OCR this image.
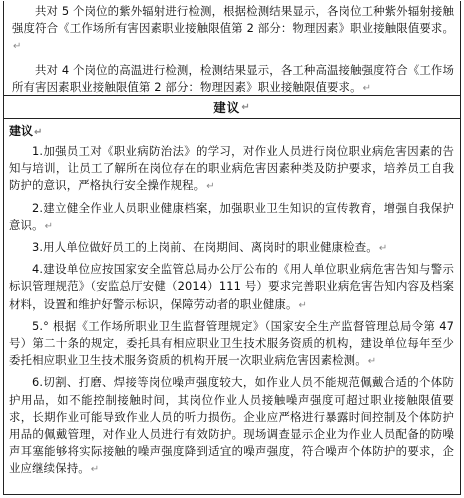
共对 5 个岗位的紫外辐射进行检测，根据检测结果显示，各岗位工种紫外辐射接触强度符合《工作场所有害因素职业接触限值第 2 部分：物理因素》职业接触限值要求。↵

共对 4 个岗位的高温进行检测，检测结果显示，各工种高温接触强度符合《工作场所有害因素职业接触限值第 2 部分：物理因素》职业接触限值要求。↵

建议 ↵

建议↵

1.加强员工对《职业病防治法》的学习，对作业人员进行岗位职业病危害因素的告知与培训，让员工了解所在岗位存在的职业病危害因素种类及防护要求，培养员工自我防护的意识，严格执行安全操作规程。↵

2.建立健全作业人员职业健康档案，加强职业卫生知识的宣传教育，增强自我保护意识。↵

3.用人单位做好员工的上岗前、在岗期间、离岗时的职业健康检查。↵

4.建设单位应按国家安全监管总局办公厅公布的《用人单位职业病危害告知与警示标识管理规范》（安监总厅安健（2014）111 号）要求完善职业病危害告知内容及档案材料，设置和维护好警示标识，保障劳动者的职业健康。↵

5.° 根据《工作场所职业卫生监督管理规定》（国家安全生产监督管理总局令第 47 号）第二十条的规定，委托具有相应职业卫生技术服务资质的机构，建设单位每年至少委托相应职业卫生技术服务资质的机构开展一次职业病危害因素检测。↵

6.切割、打磨、焊接等岗位噪声强度较大，如作业人员不能规范佩戴合适的个体防护用品，如不能控制接触时间，其岗位作业人员接触噪声强度可超过职业接触限值要求，长期作业可能导致作业人员的听力损伤。企业应严格进行暴露时间控制及个体防护用品的佩戴管理，对作业人员进行有效防护。现场调查显示企业为作业人员配备的防噪声耳塞能够将实际接触的噪声强度降到适宜的噪声强度，符合噪声个体防护的要求，企业应继续保持。↵
